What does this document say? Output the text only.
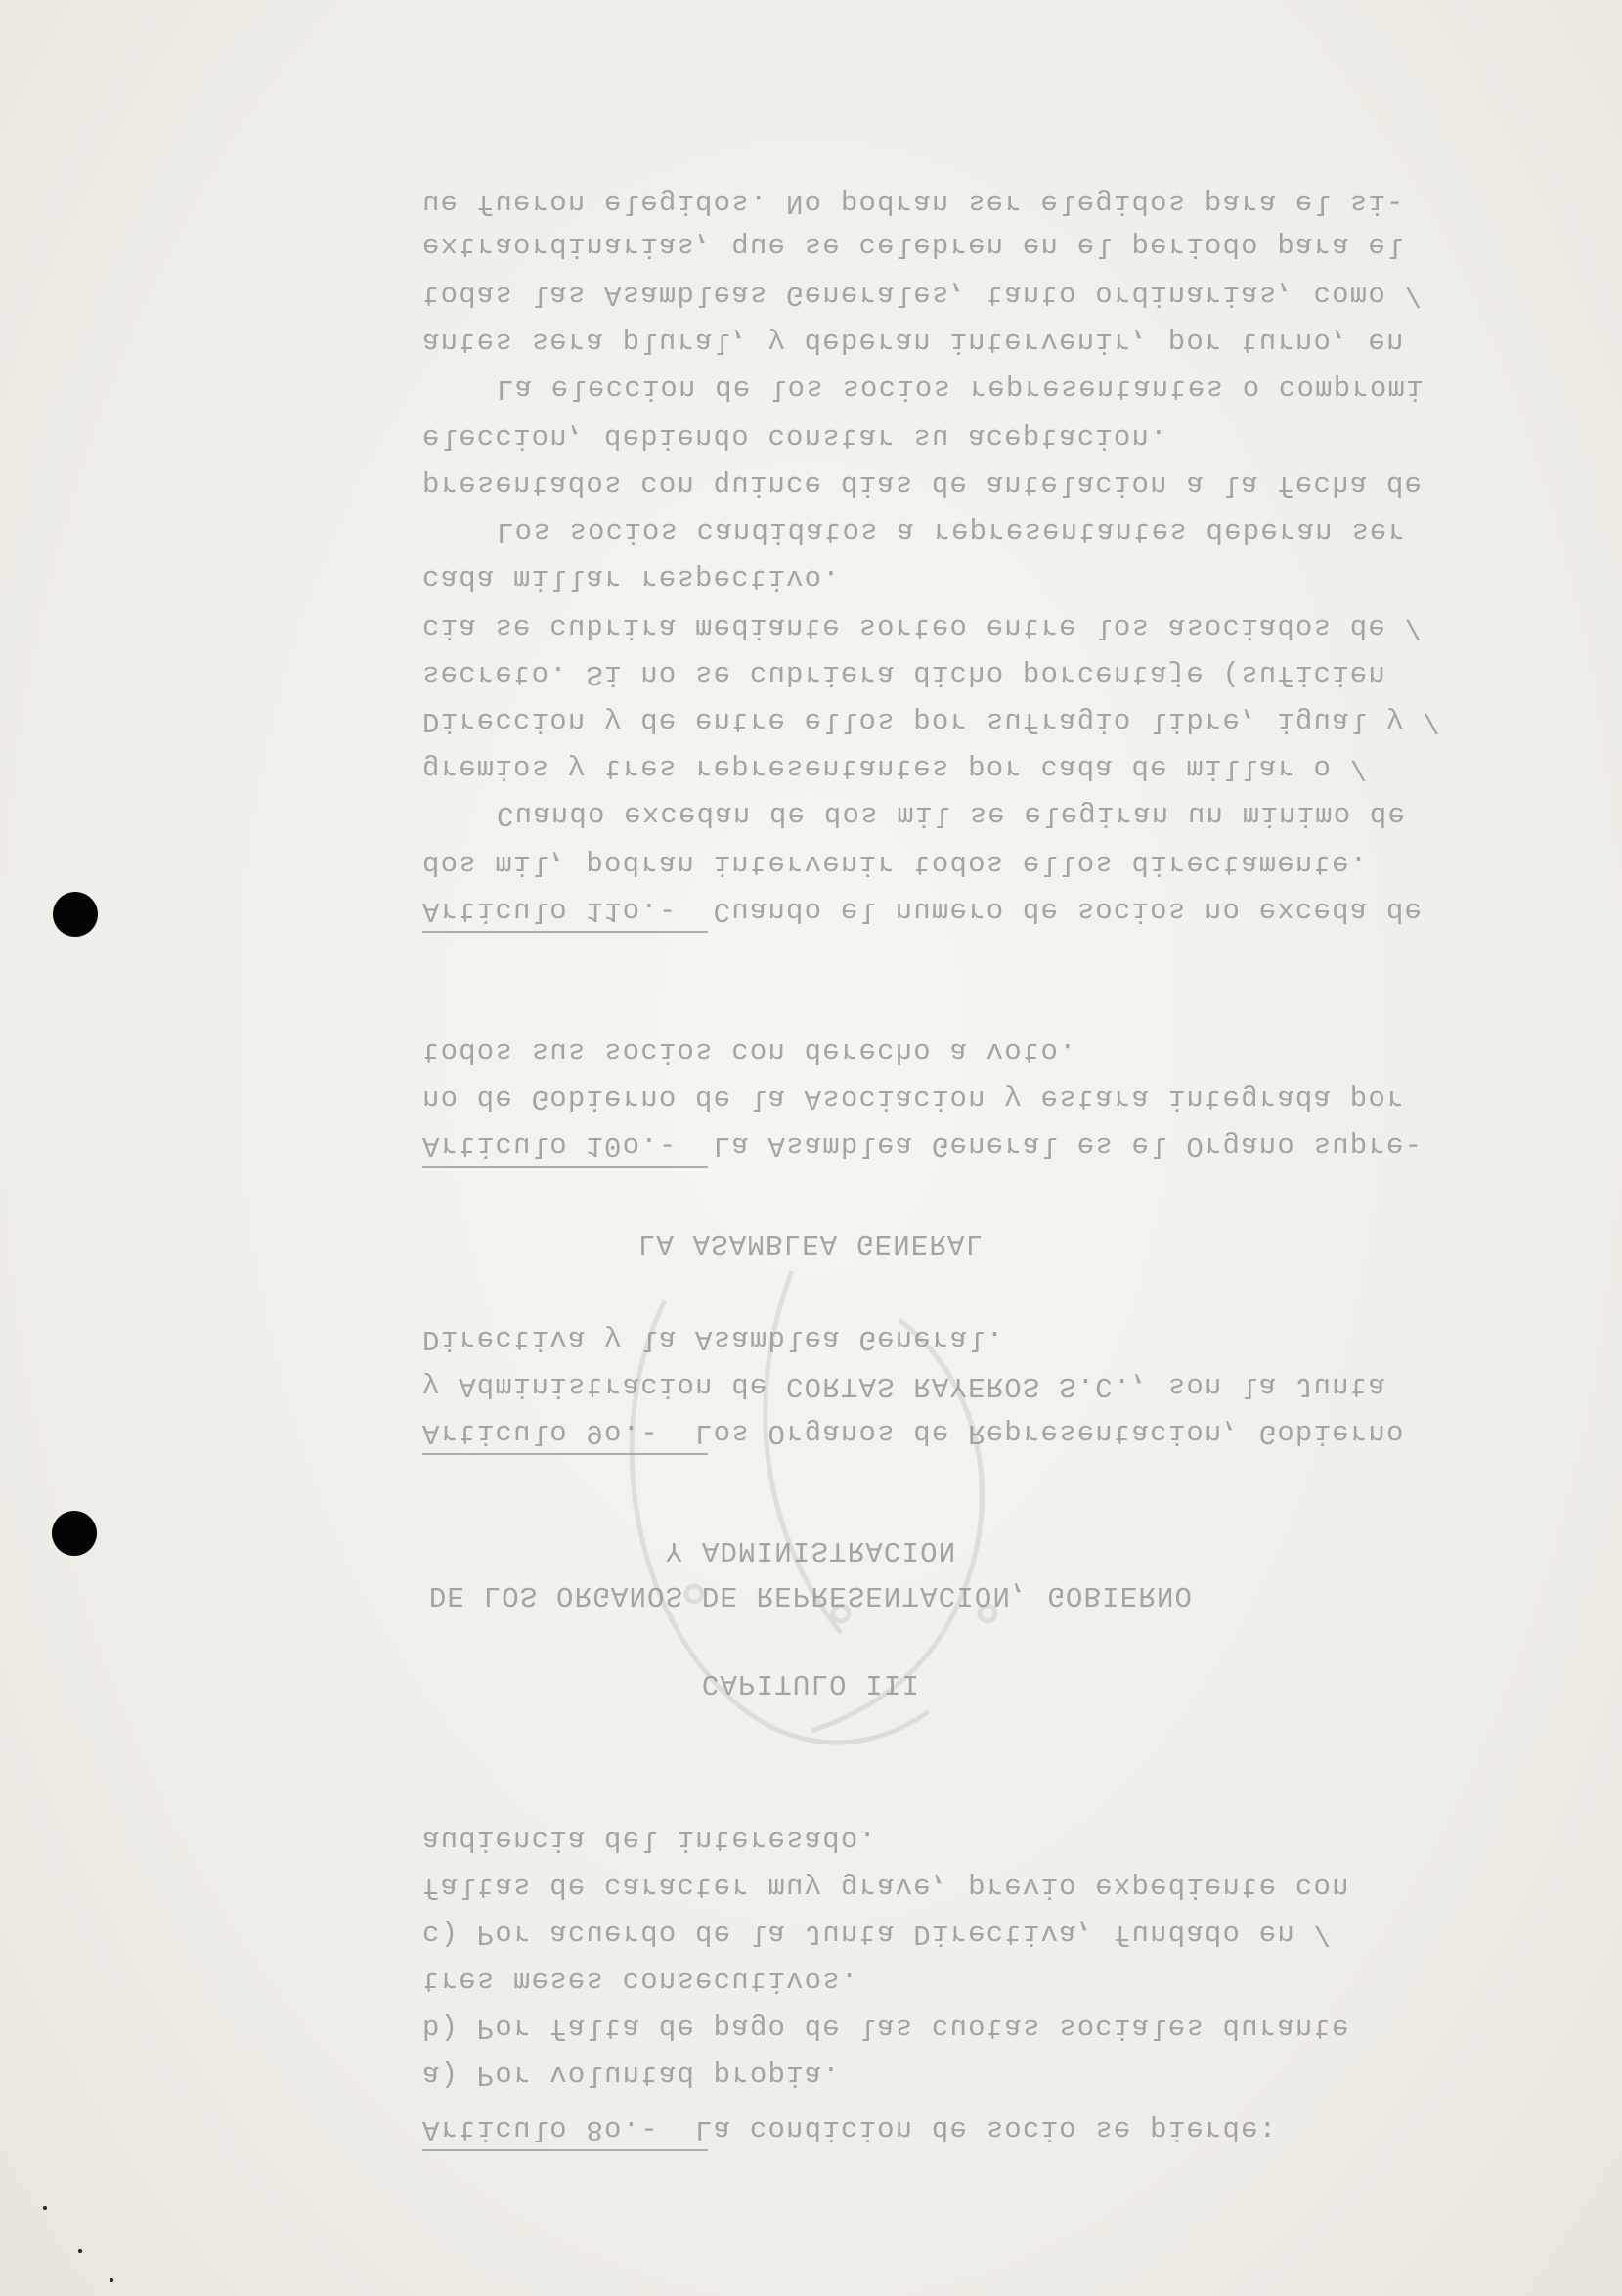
ue fueron elegidos. No podran ser elegidos para el si-

extraordinarias, que se celebren en el periodo para el

todas las Asambleas Generales, tanto ordinarias, como /

antes sera plural, y deberan intervenir, por turno, en

La eleccion de los socios representantes o compromi

eleccion, debiendo constar su aceptacion.

presentados con quince dias de antelacion a la fecha de

Los socios candidatos a representantes deberan ser

cada millar respectivo.

cia se cubrira mediante sorteo entre los asociados de /

secreto. Si no se cubriera dicho porcentaje (suficien

Direccion y de entre ellos por sufragio libre, igual y /

gremios y tres representantes por cada de millar o /

Cuando excedan de dos mil se elegiran un minimo de

dos mil, podran intervenir todos ellos directamente.

Articulo 11o.-  Cuando el numero de socios no exceda de

todos sus socios con derecho a voto.

no de Gobierno de la Asociacion y estara integrada por

Articulo 10o.-  La Asamblea General es el Organo supre-

LA ASAMBLEA GENERAL

Directiva y la Asamblea General.

y Administracion de CORTAS RAYEROS S.C., son la Junta

Articulo 9o.-  Los Organos de Representacion, Gobierno

Y ADMINISTRACION

DE LOS ORGANOS DE REPRESENTACION, GOBIERNO

CAPITULO III

audiencia del interesado.

faltas de caracter muy grave, previo expediente con

c) Por acuerdo de la Junta Directiva, fundado en /

tres meses consecutivos.

b) Por falta de pago de las cuotas sociales durante

a) Por voluntad propia.

Articulo 8o.-  La condicion de socio se pierde:
